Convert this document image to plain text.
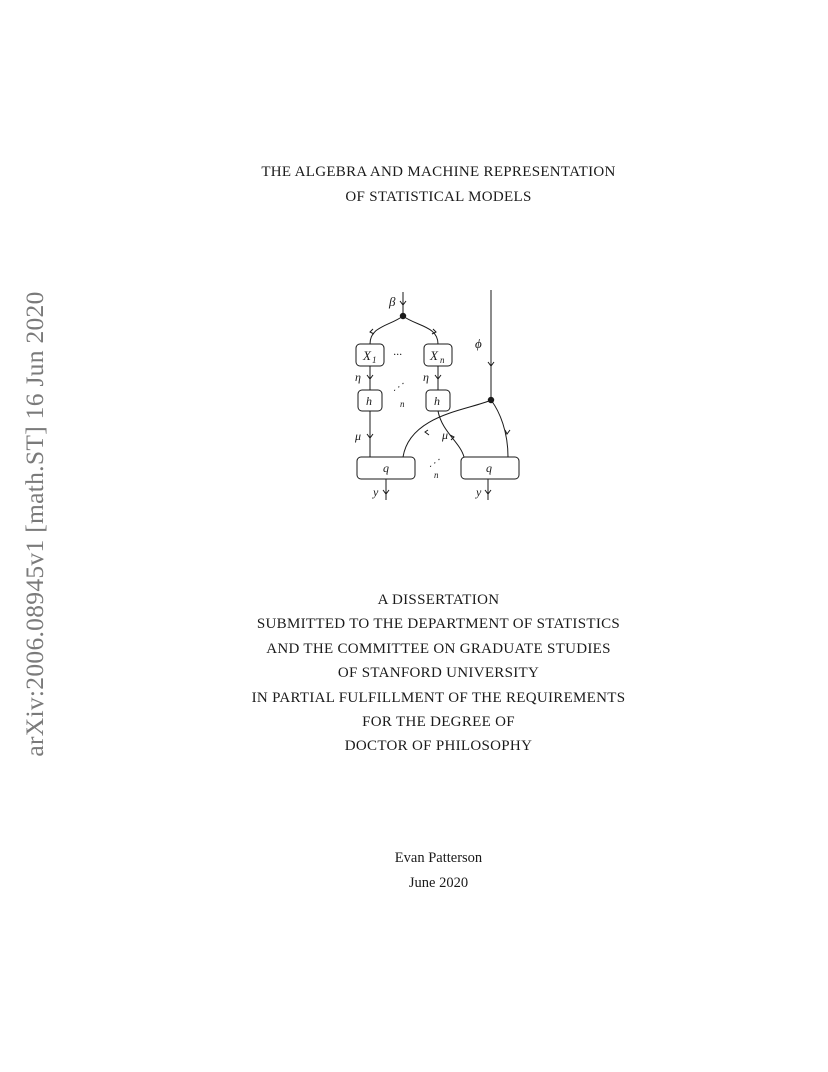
arXiv:2006.08945v1 [math.ST] 16 Jun 2020
THE ALGEBRA AND MACHINE REPRESENTATION
OF STATISTICAL MODELS
β
ϕ
X 1	X n
···
η	η
h	h
⋰
n
μ	μ
q	q
⋰
n
y	y
A DISSERTATION
SUBMITTED TO THE DEPARTMENT OF STATISTICS
AND THE COMMITTEE ON GRADUATE STUDIES
OF STANFORD UNIVERSITY
IN PARTIAL FULFILLMENT OF THE REQUIREMENTS
FOR THE DEGREE OF
DOCTOR OF PHILOSOPHY
Evan Patterson
June 2020
